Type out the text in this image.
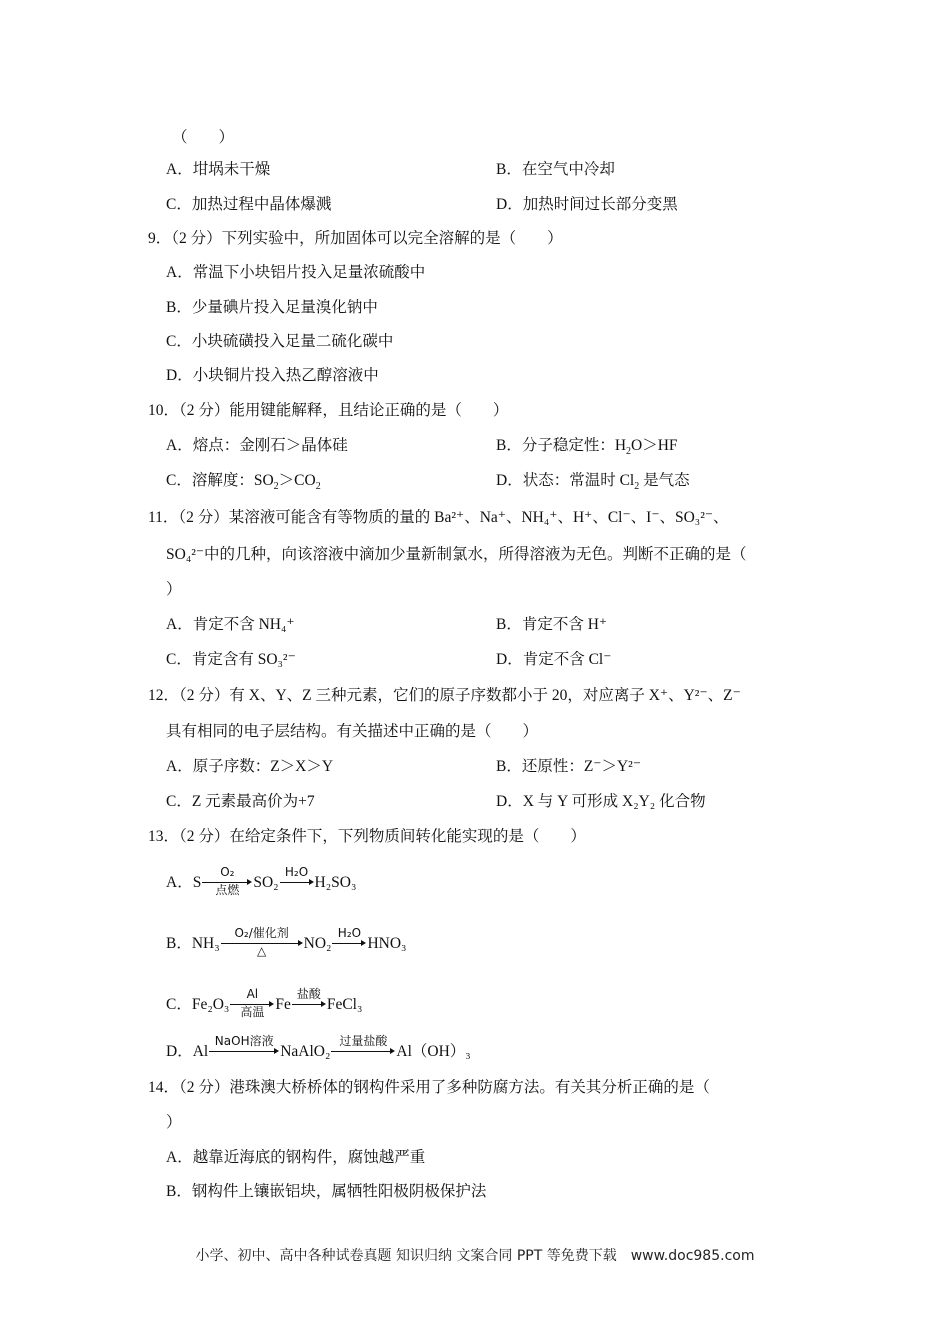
（　　）
A．坩埚未干燥	B．在空气中冷却
C．加热过程中晶体爆溅	D．加热时间过长部分变黑
9．（2 分）下列实验中，所加固体可以完全溶解的是（　　）
A．常温下小块铝片投入足量浓硫酸中
B．少量碘片投入足量溴化钠中
C．小块硫磺投入足量二硫化碳中
D．小块铜片投入热乙醇溶液中
10．（2 分）能用键能解释，且结论正确的是（　　）
A．熔点：金刚石＞晶体硅	B．分子稳定性：$H_2O>HF$
C．溶解度：$SO_2>CO_2$	D．状态：常温时 $Cl_2$ 是气态
11．（2 分）某溶液可能含有等物质的量的 Ba²⁺、Na⁺、NH₄⁺、H⁺、Cl⁻、I⁻、SO₃²⁻、
SO₄²⁻中的几种，向该溶液中滴加少量新制氯水，所得溶液为无色。判断不正确的是（
）
A．肯定不含 NH₄⁺	B．肯定不含 H⁺
C．肯定含有 SO₃²⁻	D．肯定不含 Cl⁻
12．（2 分）有 X、Y、Z 三种元素，它们的原子序数都小于 20，对应离子 X⁺、Y²⁻、Z⁻
具有相同的电子层结构。有关描述中正确的是（　　）
A．原子序数：Z＞X＞Y	B．还原性：Z⁻＞Y²⁻
C．Z 元素最高价为+7	D．X 与 Y 可形成 X₂Y₂ 化合物
13．（2 分）在给定条件下，下列物质间转化能实现的是（　　）
A．S
O₂
点燃 SO₂
H₂O
H₂SO₃
B．NH₃
O₂/催化剂
△	NO₂
H₂O
HNO₃
C．Fe₂O₃
Al
高温 Fe
盐酸
FeCl₃
D．Al
NaOH溶液
NaAlO₂
过量盐酸
Al（OH）₃
14．（2 分）港珠澳大桥桥体的钢构件采用了多种防腐方法。有关其分析正确的是（
）
A．越靠近海底的钢构件，腐蚀越严重
B．钢构件上镶嵌铝块，属牺牲阳极阴极保护法
小学、初中、高中各种试卷真题 知识归纳 文案合同 PPT 等免费下载　www.doc985.com
